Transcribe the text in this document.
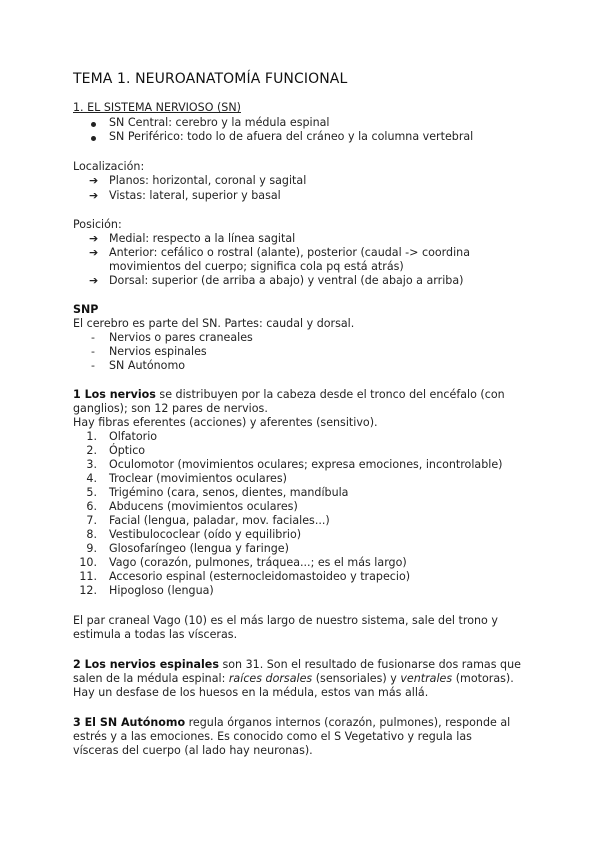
TEMA 1. NEUROANATOMÍA FUNCIONAL
1. EL SISTEMA NERVIOSO (SN)
SN Central: cerebro y la médula espinal
SN Periférico: todo lo de afuera del cráneo y la columna vertebral
Localización:
➔ Planos: horizontal, coronal y sagital
➔ Vistas: lateral, superior y basal
Posición:
➔ Medial: respecto a la línea sagital
➔ Anterior: cefálico o rostral (alante), posterior (caudal -> coordina
movimientos del cuerpo; significa cola pq está atrás)
➔ Dorsal: superior (de arriba a abajo) y ventral (de abajo a arriba)
SNP
El cerebro es parte del SN. Partes: caudal y dorsal.
- Nervios o pares craneales
- Nervios espinales
- SN Autónomo
1 Los nervios se distribuyen por la cabeza desde el tronco del encéfalo (con
ganglios); son 12 pares de nervios.
Hay fibras eferentes (acciones) y aferentes (sensitivo).
1. Olfatorio
2. Óptico
3. Oculomotor (movimientos oculares; expresa emociones, incontrolable)
4. Troclear (movimientos oculares)
5. Trigémino (cara, senos, dientes, mandíbula
6. Abducens (movimientos oculares)
7. Facial (lengua, paladar, mov. faciales...)
8. Vestibulococlear (oído y equilibrio)
9. Glosofaríngeo (lengua y faringe)
10. Vago (corazón, pulmones, tráquea...; es el más largo)
11. Accesorio espinal (esternocleidomastoideo y trapecio)
12. Hipogloso (lengua)
El par craneal Vago (10) es el más largo de nuestro sistema, sale del trono y
estimula a todas las vísceras.
2 Los nervios espinales son 31. Son el resultado de fusionarse dos ramas que
salen de la médula espinal: raíces dorsales (sensoriales) y ventrales (motoras).
Hay un desfase de los huesos en la médula, estos van más allá.
3 El SN Autónomo regula órganos internos (corazón, pulmones), responde al
estrés y a las emociones. Es conocido como el S Vegetativo y regula las
vísceras del cuerpo (al lado hay neuronas).
